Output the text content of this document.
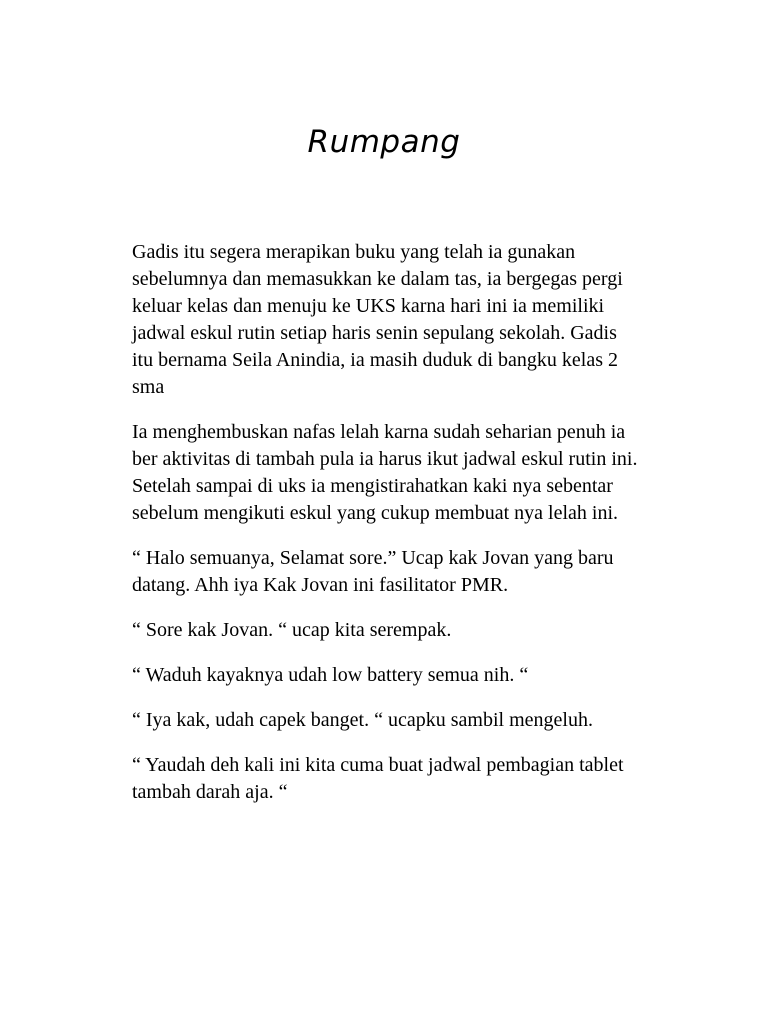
Rumpang

Gadis itu segera merapikan buku yang telah ia gunakan sebelumnya dan memasukkan ke dalam tas, ia bergegas pergi keluar kelas dan menuju ke UKS karna hari ini ia memiliki jadwal eskul rutin setiap haris senin sepulang sekolah. Gadis itu bernama Seila Anindia, ia masih duduk di bangku kelas 2 sma

Ia menghembuskan nafas lelah karna sudah seharian penuh ia ber aktivitas di tambah pula ia harus ikut jadwal eskul rutin ini. Setelah sampai di uks ia mengistirahatkan kaki nya sebentar sebelum mengikuti eskul yang cukup membuat nya lelah ini.

“ Halo semuanya, Selamat sore.” Ucap kak Jovan yang baru datang. Ahh iya Kak Jovan ini fasilitator PMR.

“ Sore kak Jovan. “ ucap kita serempak.

“ Waduh kayaknya udah low battery semua nih. “

“ Iya kak, udah capek banget. “ ucapku sambil mengeluh.

“ Yaudah deh kali ini kita cuma buat jadwal pembagian tablet tambah darah aja. “
